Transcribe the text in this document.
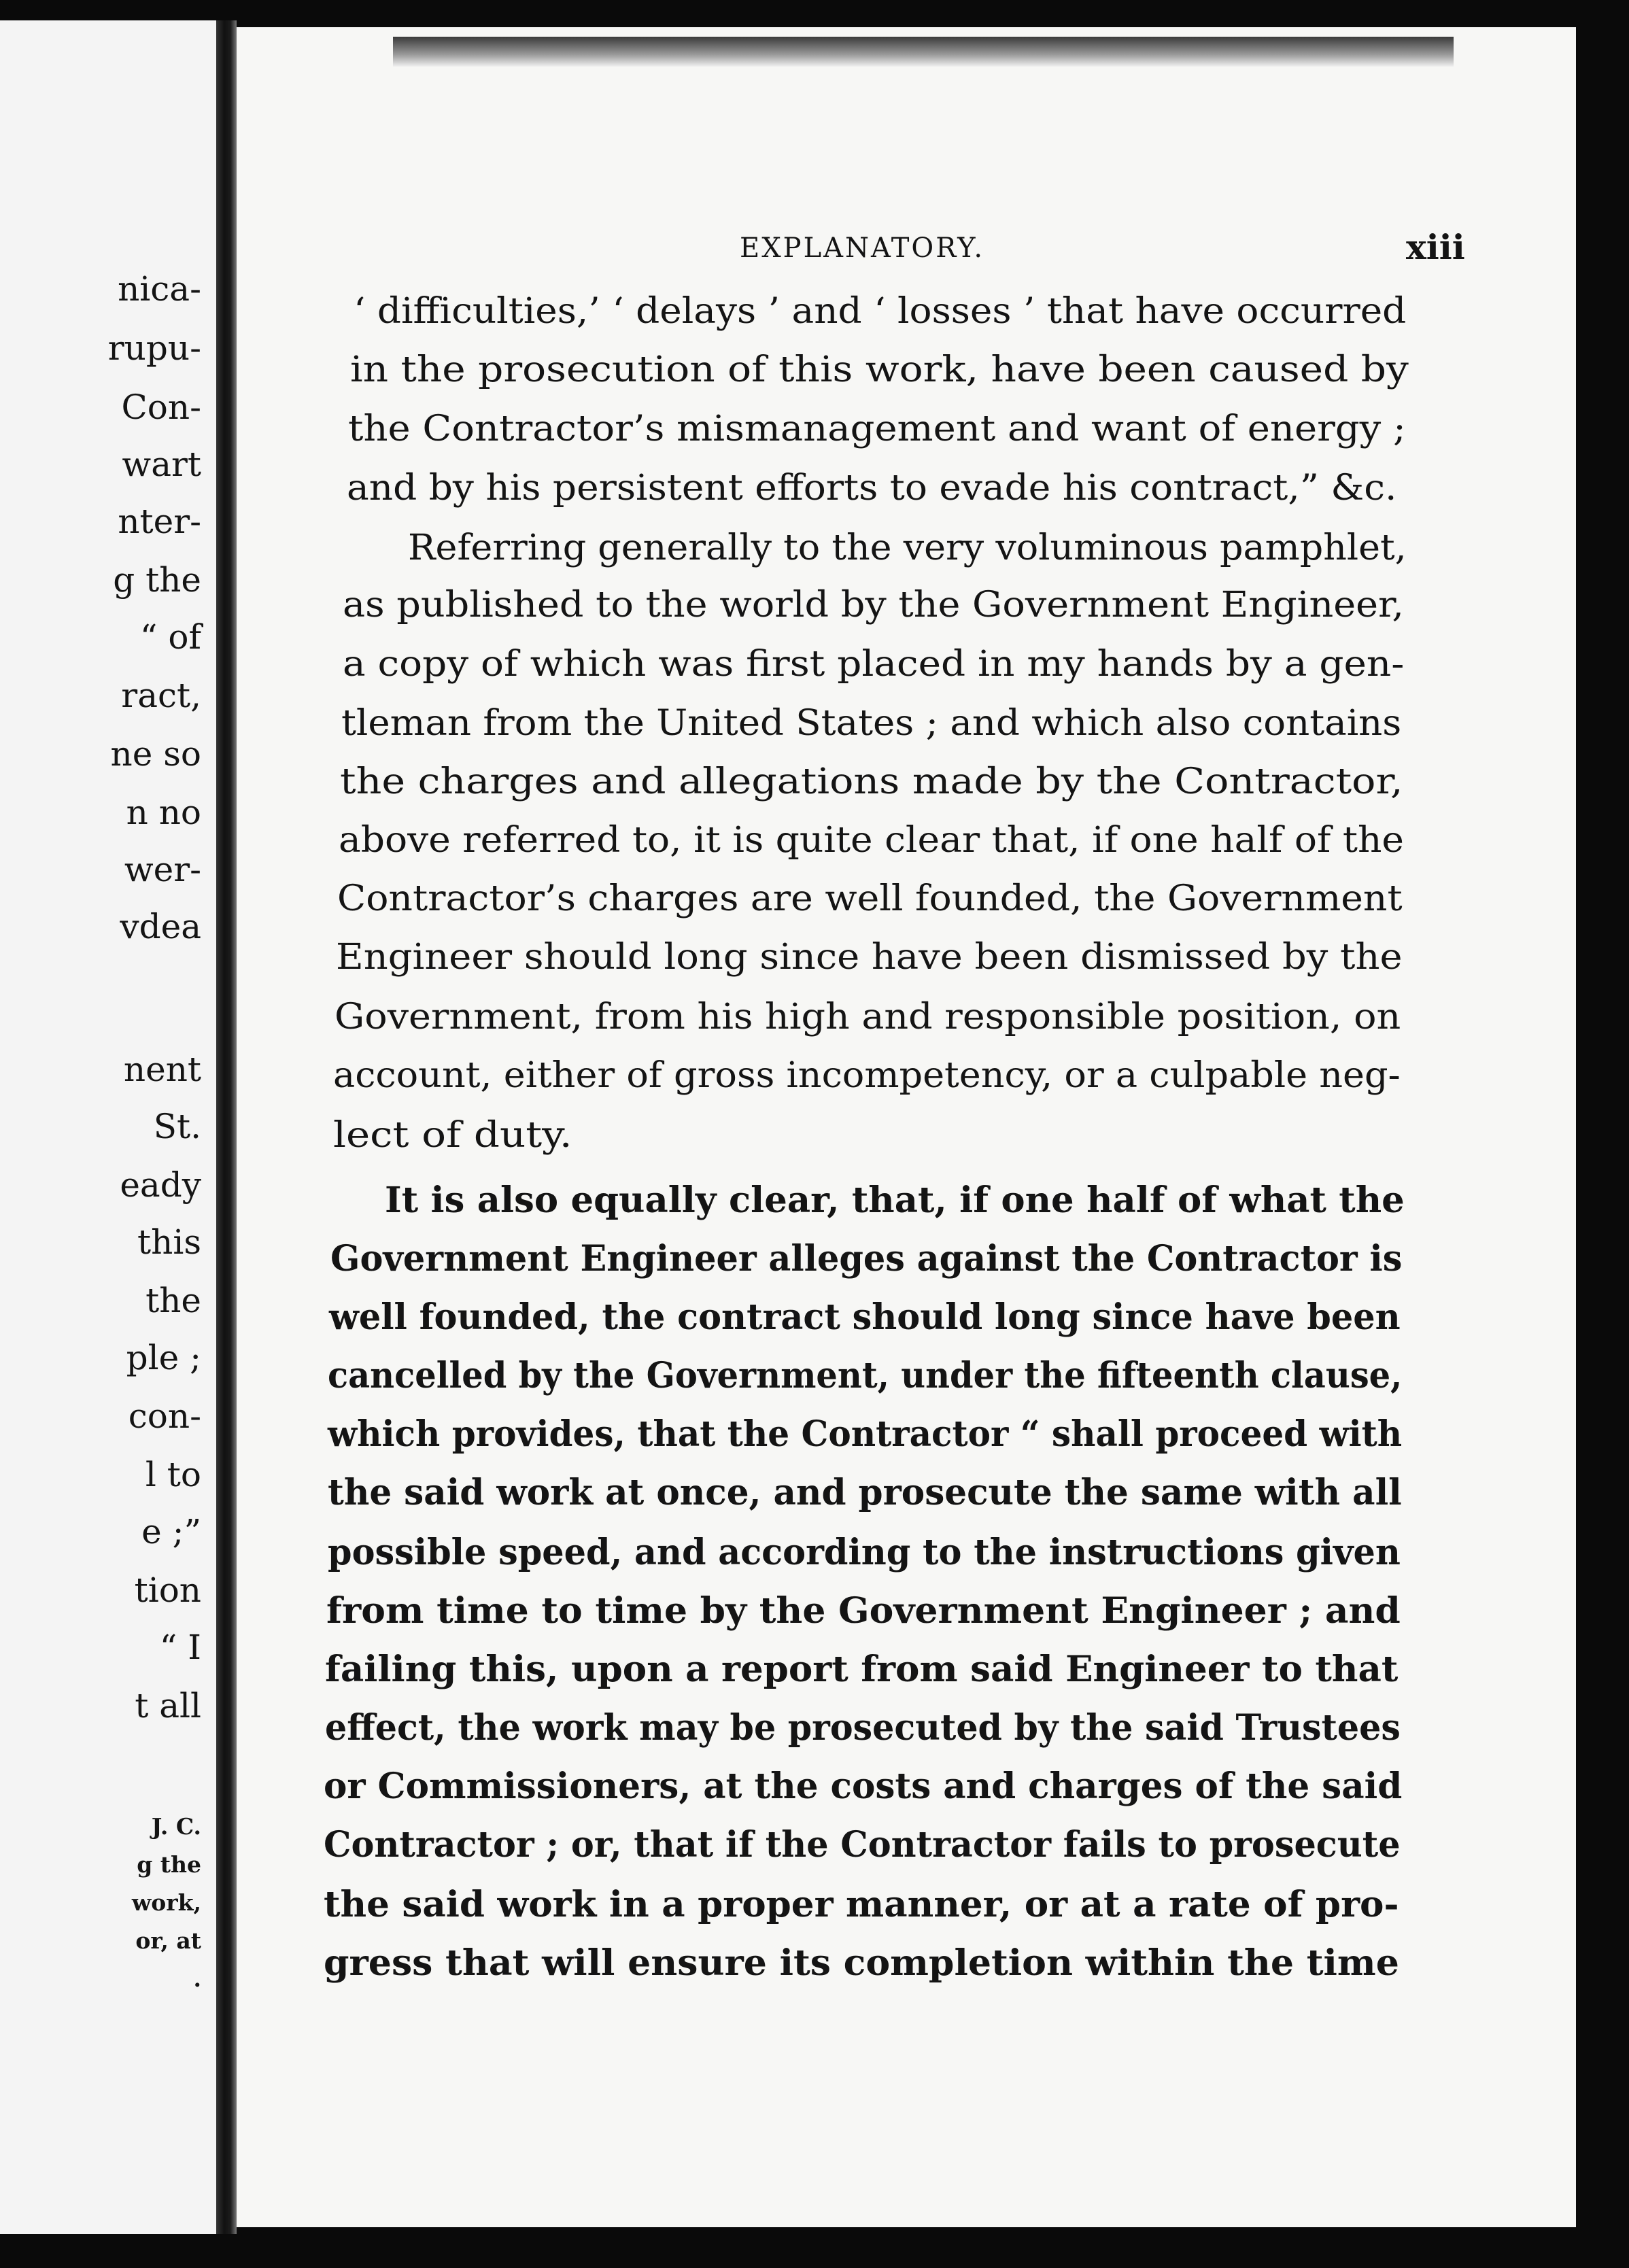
nica-
rupu-
Con-
wart
nter-
g the
“ of
ract,
ne so
n no
wer-
vdea
nent
St.
eady
this
the
ple ;
con-
l to
e ;”
tion
“ I
t all
J. C.
g the
work,
or, at
.
EXPLANATORY.	xiii
‘ difficulties,’ ‘ delays ’ and ‘ losses ’ that have occurred
in the prosecution of this work, have been caused by
the Contractor’s mismanagement and want of energy ;
and by his persistent efforts to evade his contract,” &c.
Referring generally to the very voluminous pamphlet,
as published to the world by the Government Engineer,
a copy of which was first placed in my hands by a gen-
tleman from the United States ; and which also contains
the charges and allegations made by the Contractor,
above referred to, it is quite clear that, if one half of the
Contractor’s charges are well founded, the Government
Engineer should long since have been dismissed by the
Government, from his high and responsible position, on
account, either of gross incompetency, or a culpable neg-
lect of duty.
It is also equally clear, that, if one half of what the
Government Engineer alleges against the Contractor is
well founded, the contract should long since have been
cancelled by the Government, under the fifteenth clause,
which provides, that the Contractor “ shall proceed with
the said work at once, and prosecute the same with all
possible speed, and according to the instructions given
from time to time by the Government Engineer ; and
failing this, upon a report from said Engineer to that
effect, the work may be prosecuted by the said Trustees
or Commissioners, at the costs and charges of the said
Contractor ; or, that if the Contractor fails to prosecute
the said work in a proper manner, or at a rate of pro-
gress that will ensure its completion within the time
